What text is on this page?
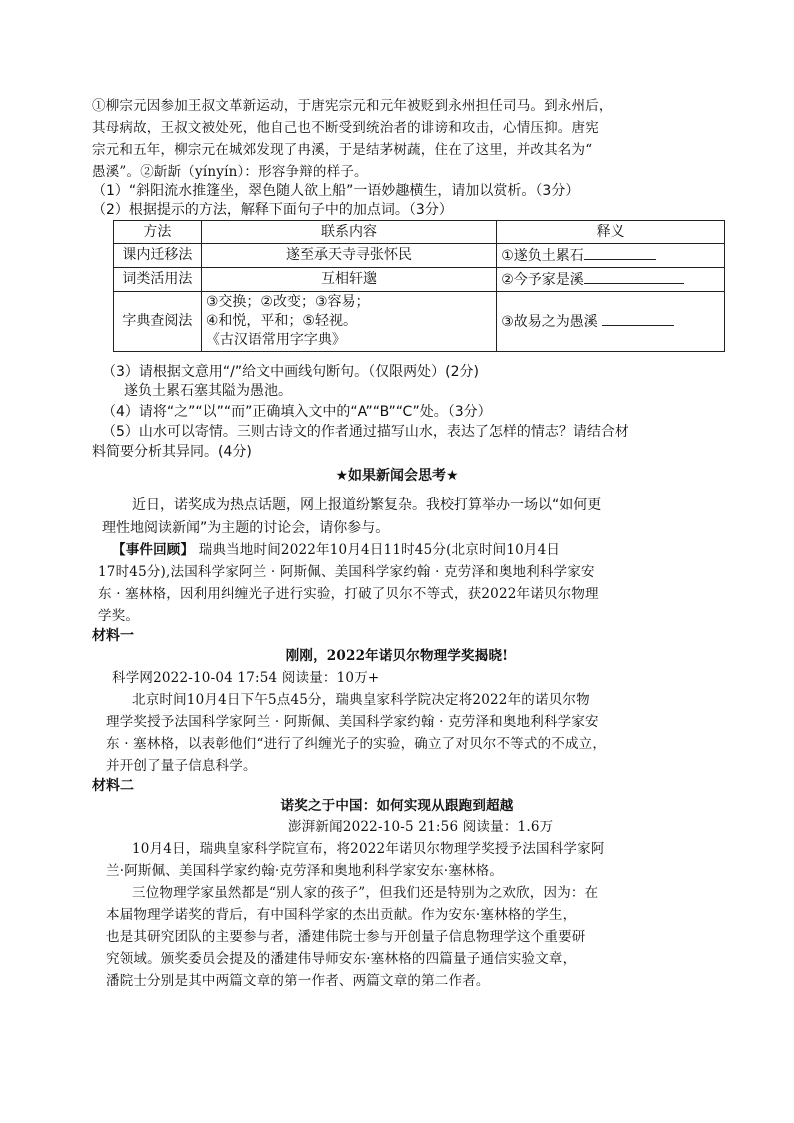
①柳宗元因参加王叔文革新运动，于唐宪宗元和元年被贬到永州担任司马。到永州后，
其母病故，王叔文被处死，他自己也不断受到统治者的诽谤和攻击，心情压抑。唐宪
宗元和五年，柳宗元在城郊发现了冉溪，于是结茅树蔬，住在了这里，并改其名为“
愚溪”。②龂龂（yínyín）：形容争辩的样子。
（1）“斜阳流水推篷坐，翠色随人欲上船”一语妙趣横生，请加以赏析。（3分）
（2）根据提示的方法，解释下面句子中的加点词。（3分）
方法	联系内容	释义
课内迁移法	遂至承天寺寻张怀民	①遂负土累石
词类活用法	互相轩邈	②今予家是溪
字典查阅法	③交换；②改变；③容易；
④和悦，平和；⑤轻视。
《古汉语常用字字典》	③故易之为愚溪
（3）请根据文意用“/”给文中画线句断句。（仅限两处）(2分)
遂负土累石塞其隘为愚池。
（4）请将“之”“以”“而”正确填入文中的“A”“B”“C”处。（3分）
（5）山水可以寄情。三则古诗文的作者通过描写山水，表达了怎样的情志？请结合材
料简要分析其异同。(4分)
★如果新闻会思考★
近日，诺奖成为热点话题，网上报道纷繁复杂。我校打算举办一场以“如何更
理性地阅读新闻”为主题的讨论会，请你参与。
【事件回顾】 瑞典当地时间2022年10月4日11时45分(北京时间10月4日
17时45分),法国科学家阿兰 · 阿斯佩、美国科学家约翰 · 克劳泽和奥地利科学家安
东 · 塞林格，因利用纠缠光子进行实验，打破了贝尔不等式，获2022年诺贝尔物理
学奖。
材料一
刚刚，2022年诺贝尔物理学奖揭晓!
科学网2022-10-04 17:54 阅读量：10万+
北京时间10月4日下午5点45分，瑞典皇家科学院决定将2022年的诺贝尔物
理学奖授予法国科学家阿兰 · 阿斯佩、美国科学家约翰 · 克劳泽和奥地利科学家安
东 · 塞林格，以表彰他们“进行了纠缠光子的实验，确立了对贝尔不等式的不成立，
并开创了量子信息科学。
材料二
诺奖之于中国：如何实现从跟跑到超越
澎湃新闻2022-10-5 21:56 阅读量：1.6万
10月4日，瑞典皇家科学院宣布，将2022年诺贝尔物理学奖授予法国科学家阿
兰·阿斯佩、美国科学家约翰·克劳泽和奥地利科学家安东·塞林格。
三位物理学家虽然都是“别人家的孩子”，但我们还是特别为之欢欣，因为：在
本届物理学诺奖的背后，有中国科学家的杰出贡献。作为安东·塞林格的学生，
也是其研究团队的主要参与者，潘建伟院士参与开创量子信息物理学这个重要研
究领域。颁奖委员会提及的潘建伟导师安东·塞林格的四篇量子通信实验文章，
潘院士分别是其中两篇文章的第一作者、两篇文章的第二作者。
